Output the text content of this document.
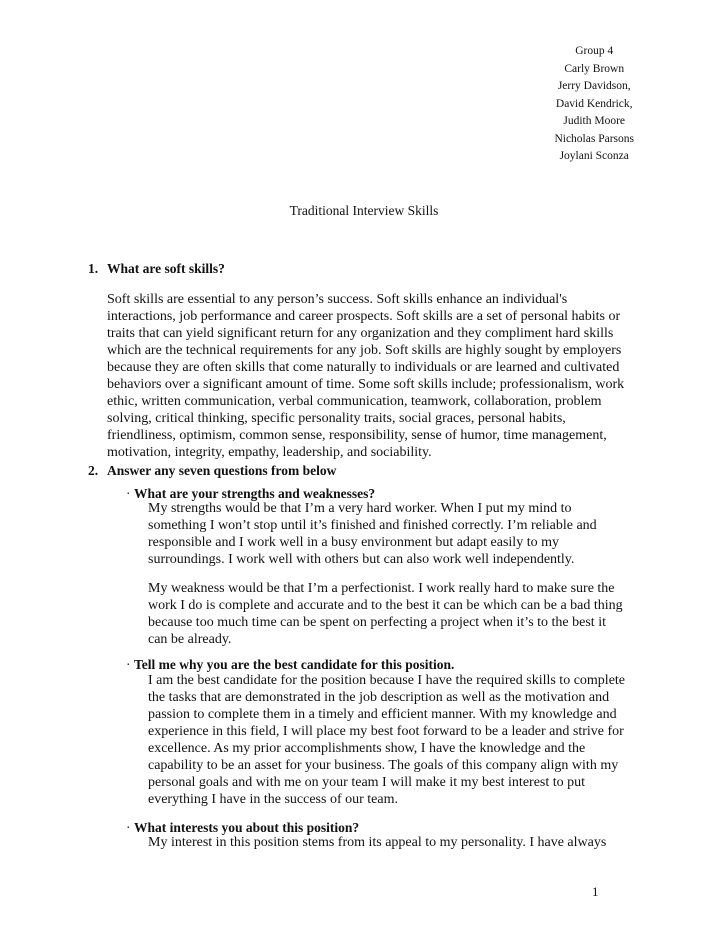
Group 4
Carly Brown
Jerry Davidson,
David Kendrick,
Judith Moore
Nicholas Parsons
Joylani Sconza
Traditional Interview Skills
1. What are soft skills?
Soft skills are essential to any person’s success. Soft skills enhance an individual's interactions, job performance and career prospects. Soft skills are a set of personal habits or traits that can yield significant return for any organization and they compliment hard skills which are the technical requirements for any job. Soft skills are highly sought by employers because they are often skills that come naturally to individuals or are learned and cultivated behaviors over a significant amount of time. Some soft skills include; professionalism, work ethic, written communication, verbal communication, teamwork, collaboration, problem solving, critical thinking, specific personality traits, social graces, personal habits, friendliness, optimism, common sense, responsibility, sense of humor, time management, motivation, integrity, empathy, leadership, and sociability.
2. Answer any seven questions from below
· What are your strengths and weaknesses?
My strengths would be that I’m a very hard worker. When I put my mind to something I won’t stop until it’s finished and finished correctly. I’m reliable and responsible and I work well in a busy environment but adapt easily to my surroundings. I work well with others but can also work well independently.
My weakness would be that I’m a perfectionist. I work really hard to make sure the work I do is complete and accurate and to the best it can be which can be a bad thing because too much time can be spent on perfecting a project when it’s to the best it can be already.
· Tell me why you are the best candidate for this position.
I am the best candidate for the position because I have the required skills to complete the tasks that are demonstrated in the job description as well as the motivation and passion to complete them in a timely and efficient manner. With my knowledge and experience in this field, I will place my best foot forward to be a leader and strive for excellence. As my prior accomplishments show, I have the knowledge and the capability to be an asset for your business. The goals of this company align with my personal goals and with me on your team I will make it my best interest to put everything I have in the success of our team.
· What interests you about this position?
My interest in this position stems from its appeal to my personality. I have always
1
